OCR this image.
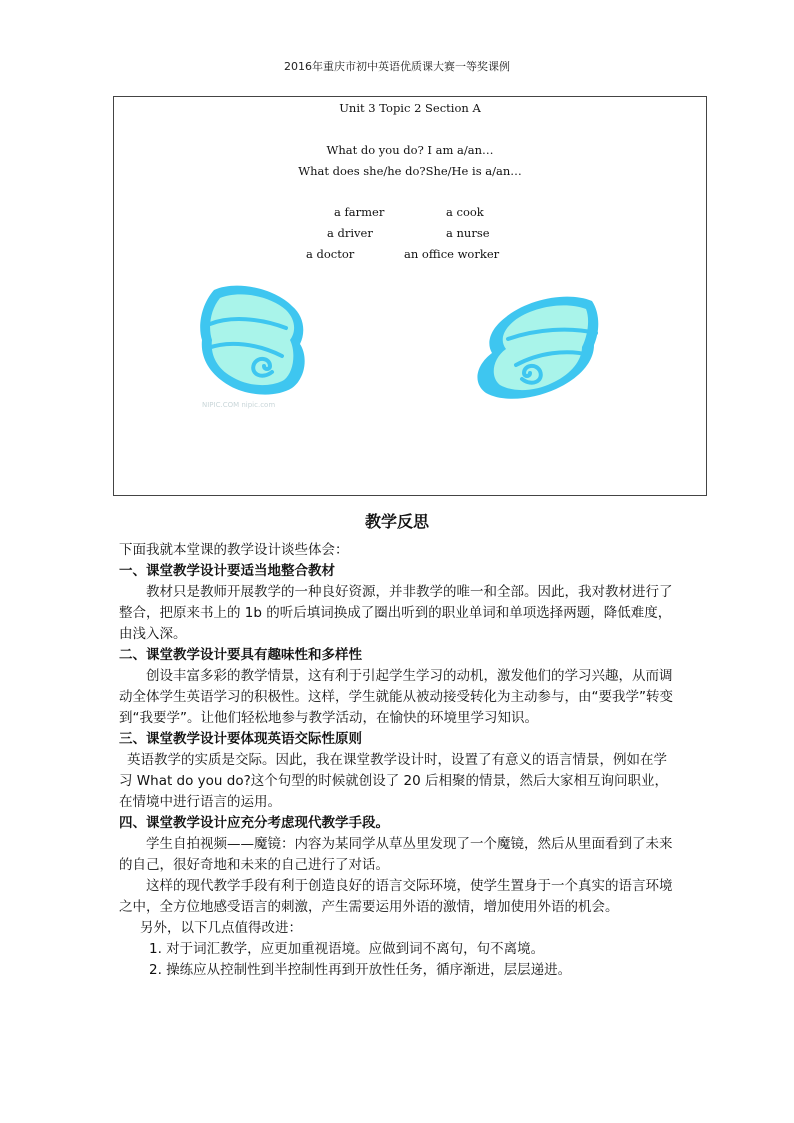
2016年重庆市初中英语优质课大赛一等奖课例
Unit 3 Topic 2 Section A
What do you do? I am a/an…
What does she/he do?She/He is a/an…
a farmer	a cook
a driver	a nurse
a doctor	an office worker
NIPIC.COM nipic.com
教学反思

下面我就本堂课的教学设计谈些体会：

一、课堂教学设计要适当地整合教材

教材只是教师开展教学的一种良好资源，并非教学的唯一和全部。因此，我对教材进行了整合，把原来书上的 1b 的听后填词换成了圈出听到的职业单词和单项选择两题，降低难度，由浅入深。

二、课堂教学设计要具有趣味性和多样性

创设丰富多彩的教学情景，这有利于引起学生学习的动机，激发他们的学习兴趣，从而调动全体学生英语学习的积极性。这样，学生就能从被动接受转化为主动参与，由“要我学”转变到“我要学”。让他们轻松地参与教学活动，在愉快的环境里学习知识。

三、课堂教学设计要体现英语交际性原则

英语教学的实质是交际。因此，我在课堂教学设计时，设置了有意义的语言情景，例如在学习 What do you do?这个句型的时候就创设了 20 后相聚的情景，然后大家相互询问职业，在情境中进行语言的运用。

四、课堂教学设计应充分考虑现代教学手段。

学生自拍视频——魔镜：内容为某同学从草丛里发现了一个魔镜，然后从里面看到了未来的自己，很好奇地和未来的自己进行了对话。

这样的现代教学手段有利于创造良好的语言交际环境，使学生置身于一个真实的语言环境之中，全方位地感受语言的刺激，产生需要运用外语的激情，增加使用外语的机会。

另外，以下几点值得改进：

1. 对于词汇教学，应更加重视语境。应做到词不离句，句不离境。

2. 操练应从控制性到半控制性再到开放性任务，循序渐进，层层递进。
